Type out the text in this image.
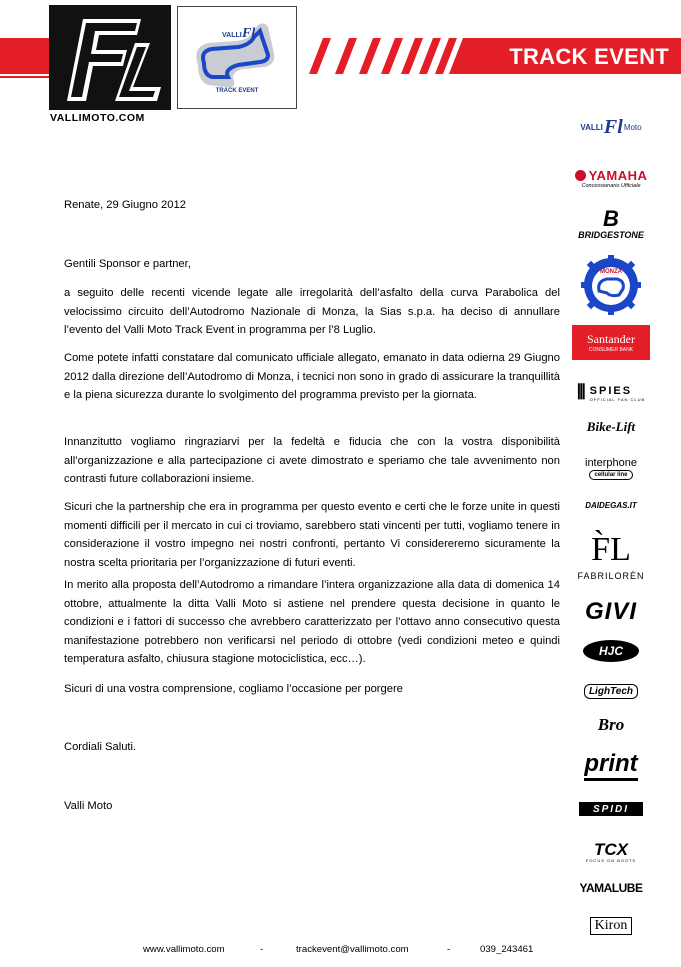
VALLIMOTO.COM
VALLI Fl
TRACK EVENT
TRACK EVENT
Renate, 29 Giugno 2012
Gentili Sponsor e partner,

a seguito delle recenti vicende legate alle irregolarità dell’asfalto della curva Parabolica del velocissimo circuito dell’Autodromo Nazionale di Monza, la Sias s.p.a. ha deciso di annullare l’evento del Valli Moto Track Event in programma per l’8 Luglio.

Come potete infatti constatare dal comunicato ufficiale allegato, emanato in data odierna 29 Giugno 2012 dalla direzione dell’Autodromo di Monza, i tecnici non sono in grado di assicurare la tranquillità e la piena sicurezza durante lo svolgimento del programma previsto per la giornata.

Innanzitutto vogliamo ringraziarvi per la fedeltà e fiducia che con la vostra disponibilità all’organizzazione e alla partecipazione ci avete dimostrato e speriamo che tale avvenimento non contrasti future collaborazioni insieme.

Sicuri che la partnership che era in programma per questo evento e certi che le forze unite in questi momenti difficili per il mercato in cui ci troviamo, sarebbero stati vincenti per tutti, vogliamo tenere in considerazione il vostro impegno nei nostri confronti, pertanto Vi considereremo sicuramente la nostra scelta prioritaria per l’organizzazione di futuri eventi.

In merito alla proposta dell’Autodromo a rimandare l’intera organizzazione alla data di domenica 14 ottobre, attualmente la ditta Valli Moto si astiene nel prendere questa decisione in quanto le condizioni e i fattori di successo che avrebbero caratterizzato per l’ottavo anno consecutivo questa manifestazione potrebbero non verificarsi nel periodo di ottobre (vedi condizioni meteo e quindi temperatura asfalto, chiusura stagione motociclistica, ecc…).

Sicuri di una vostra comprensione, cogliamo l’occasione per porgere

Cordiali Saluti.
Valli Moto
VALLI Fl Moto
YAMAHA
Concessionario Ufficiale
B
BRIDGESTONE
MONZA
Santander
CONSUMER BANK
⦀ SPIES
OFFICIAL FAN CLUB
Bike-Lift
interphone
cellular line
DAIDEGAS.IT
F̀L
FABRILORÈN
GIVI
HJC
LighTech
Bro
print
SPIDI
TCX
FOCUS ON BOOTS
YAMALUBE
Kiron
www.vallimoto.com	-	trackevent@vallimoto.com	-	039_243461
